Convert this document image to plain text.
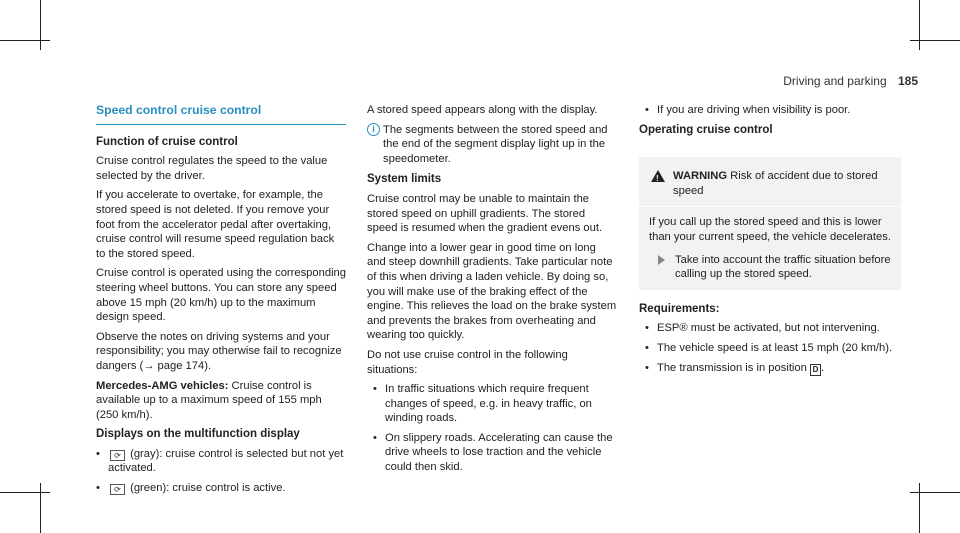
Driving and parking 185
Speed control cruise control

Function of cruise control

Cruise control regulates the speed to the value selected by the driver.

If you accelerate to overtake, for example, the stored speed is not deleted. If you remove your foot from the accelerator pedal after overtaking, cruise control will resume speed regulation back to the stored speed.

Cruise control is operated using the corresponding steering wheel buttons. You can store any speed above 15 mph (20 km/h) up to the maximum design speed.

Observe the notes on driving systems and your responsibility; you may otherwise fail to recognize dangers (→ page 174).

Mercedes-AMG vehicles: Cruise control is available up to a maximum speed of 155 mph (250 km/h).

Displays on the multifunction display

• ⟳ (gray): cruise control is selected but not yet activated.
• ⟳ (green): cruise control is active.

A stored speed appears along with the display.

i The segments between the stored speed and the end of the segment display light up in the speedometer.

System limits

Cruise control may be unable to maintain the stored speed on uphill gradients. The stored speed is resumed when the gradient evens out.

Change into a lower gear in good time on long and steep downhill gradients. Take particular note of this when driving a laden vehicle. By doing so, you will make use of the braking effect of the engine. This relieves the load on the brake system and prevents the brakes from overheating and wearing too quickly.

Do not use cruise control in the following situations:

• In traffic situations which require frequent changes of speed, e.g. in heavy traffic, on winding roads.
• On slippery roads. Accelerating can cause the drive wheels to lose traction and the vehicle could then skid.
• If you are driving when visibility is poor.

Operating cruise control

! WARNING Risk of accident due to stored speed
If you call up the stored speed and this is lower than your current speed, the vehicle decelerates.
Take into account the traffic situation before calling up the stored speed.

Requirements:

• ESP® must be activated, but not intervening.
• The vehicle speed is at least 15 mph (20 km/h).
• The transmission is in position D .
